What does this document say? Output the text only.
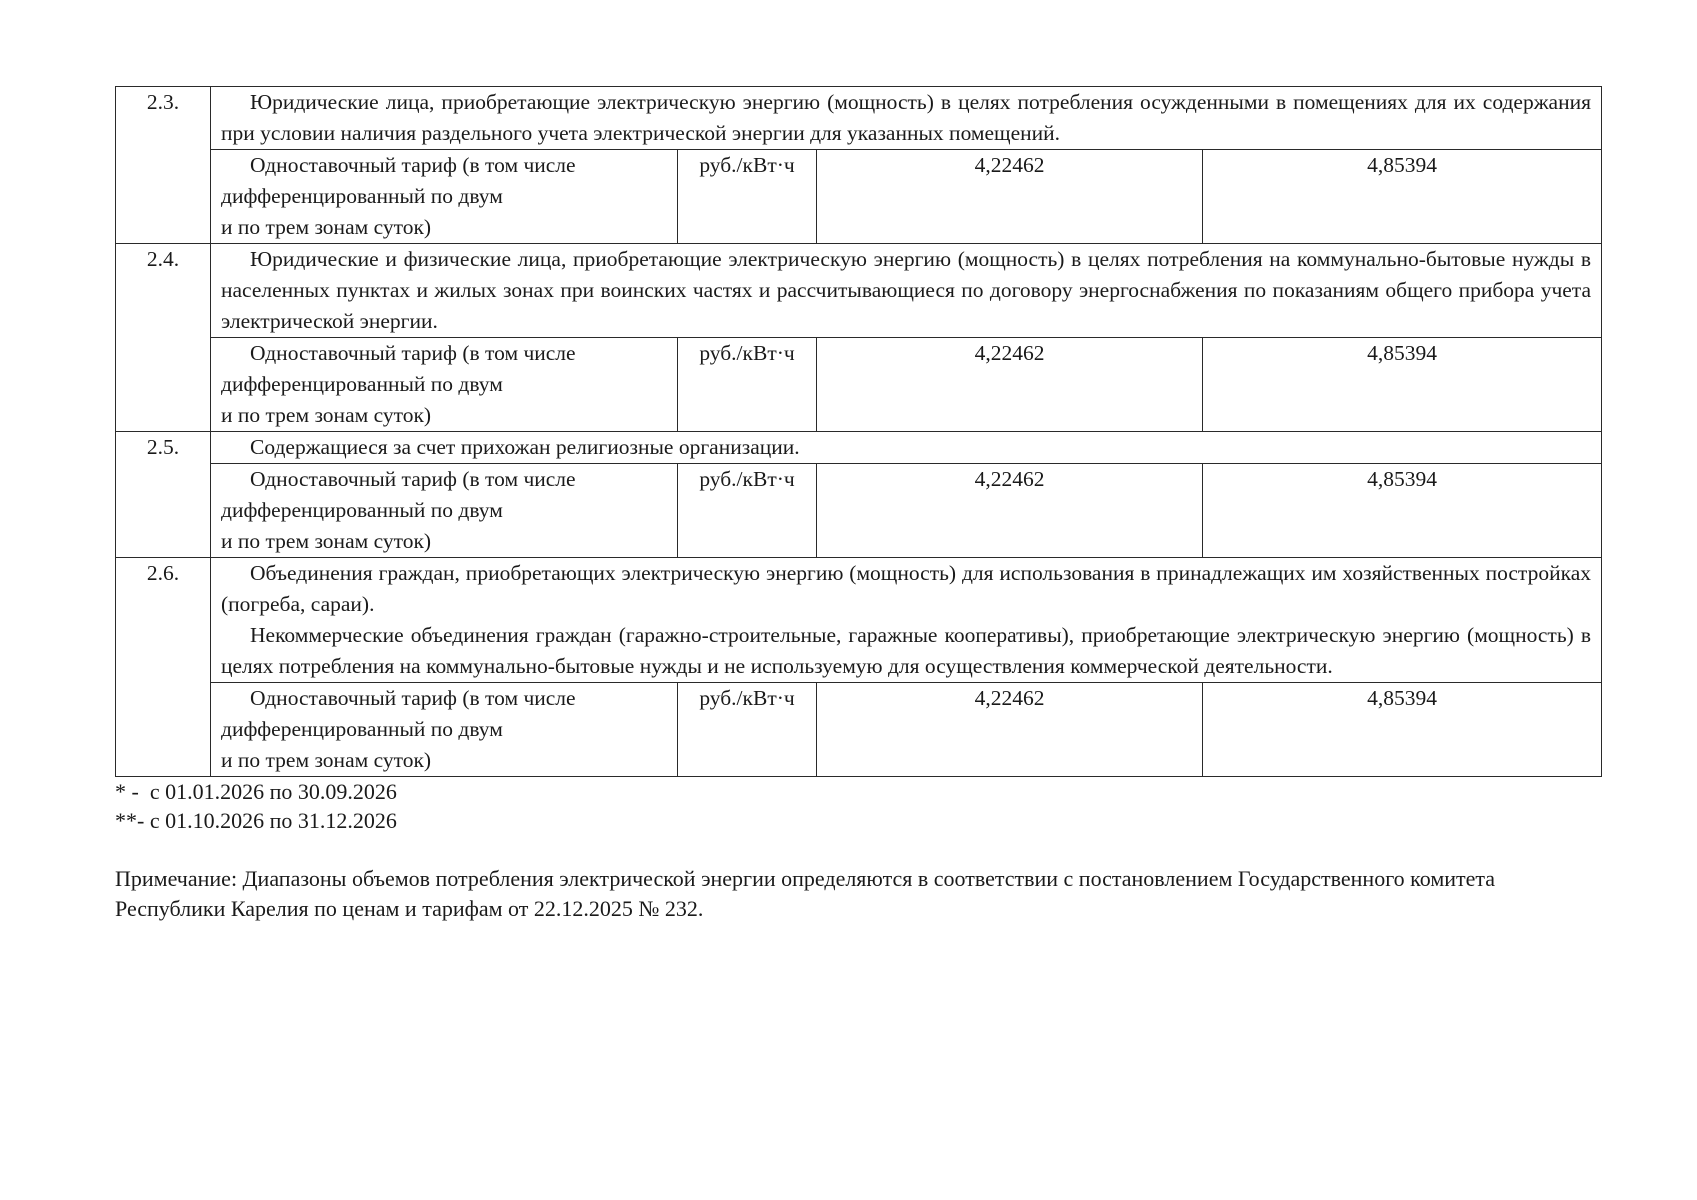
2.3.	Юридические лица, приобретающие электрическую энергию (мощность) в целях потребления осужденными в помещениях для их содержания при условии наличия раздельного учета электрической энергии для указанных помещений.			

	Одноставочный тариф (в том числе
дифференцированный по двум
и по трем зонам суток)	руб./кВт·ч	4,22462	4,85394
2.4.	Юридические и физические лица, приобретающие электрическую энергию (мощность) в целях потребления на коммунально-бытовые нужды в населенных пунктах и жилых зонах при воинских частях и рассчитывающиеся по договору энергоснабжения по показаниям общего прибора учета электрической энергии.			

	Одноставочный тариф (в том числе
дифференцированный по двум
и по трем зонам суток)	руб./кВт·ч	4,22462	4,85394
2.5.	Содержащиеся за счет прихожан религиозные организации.			

	Одноставочный тариф (в том числе
дифференцированный по двум
и по трем зонам суток)	руб./кВт·ч	4,22462	4,85394
2.6.	Объединения граждан, приобретающих электрическую энергию (мощность) для использования в принадлежащих им хозяйственных постройках (погреба, сараи).

Некоммерческие объединения граждан (гаражно-строительные, гаражные кооперативы), приобретающие электрическую энергию (мощность) в целях потребления на коммунально-бытовые нужды и не используемую для осуществления коммерческой деятельности.			

	Одноставочный тариф (в том числе
дифференцированный по двум
и по трем зонам суток)	руб./кВт·ч	4,22462	4,85394
* -  с 01.01.2026 по 30.09.2026
**- с 01.10.2026 по 31.12.2026
Примечание: Диапазоны объемов потребления электрической энергии определяются в соответствии с постановлением Государственного комитета Республики Карелия по ценам и тарифам от 22.12.2025 № 232.
